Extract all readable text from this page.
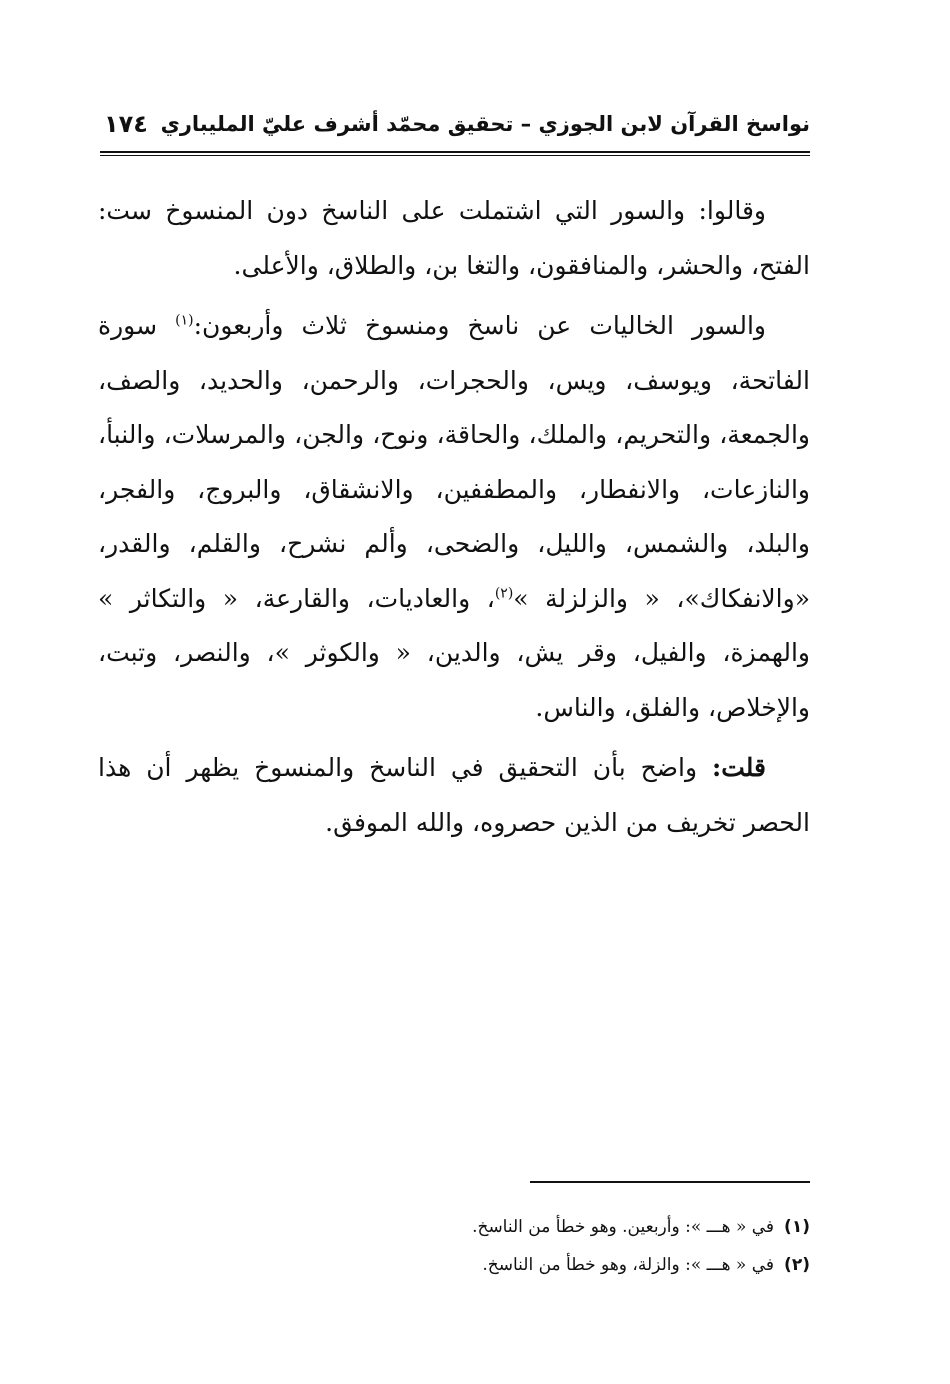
نواسخ القرآن لابن الجوزي – تحقيق محمّد أشرف عليّ المليباري
١٧٤

وقالوا: والسور التي اشتملت على الناسخ دون المنسوخ ست: الفتح، والحشر، والمنافقون، والتغا بن، والطلاق، والأعلى.

والسور الخاليات عن ناسخ ومنسوخ ثلاث وأربعون:$^{(١)}$ سورة الفاتحة، ويوسف، ويس، والحجرات، والرحمن، والحديد، والصف، والجمعة، والتحريم، والملك، والحاقة، ونوح، والجن، والمرسلات، والنبأ، والنازعات، والانفطار، والمطففين، والانشقاق، والبروج، والفجر، والبلد، والشمس، والليل، والضحى، وألم نشرح، والقلم، والقدر، «والانفكاك»، « والزلزلة »$^{(٢)}$، والعاديات، والقارعة، « والتكاثر » والهمزة، والفيل، وقر يش، والدين، « والكوثر »، والنصر، وتبت، والإخلاص، والفلق، والناس.

قلت: واضح بأن التحقيق في الناسخ والمنسوخ يظهر أن هذا الحصر تخريف من الذين حصروه، والله الموفق.

(١)في « هـــ »: وأربعين. وهو خطأ من الناسخ.
(٢)في « هـــ »: والزلة، وهو خطأ من الناسخ.
